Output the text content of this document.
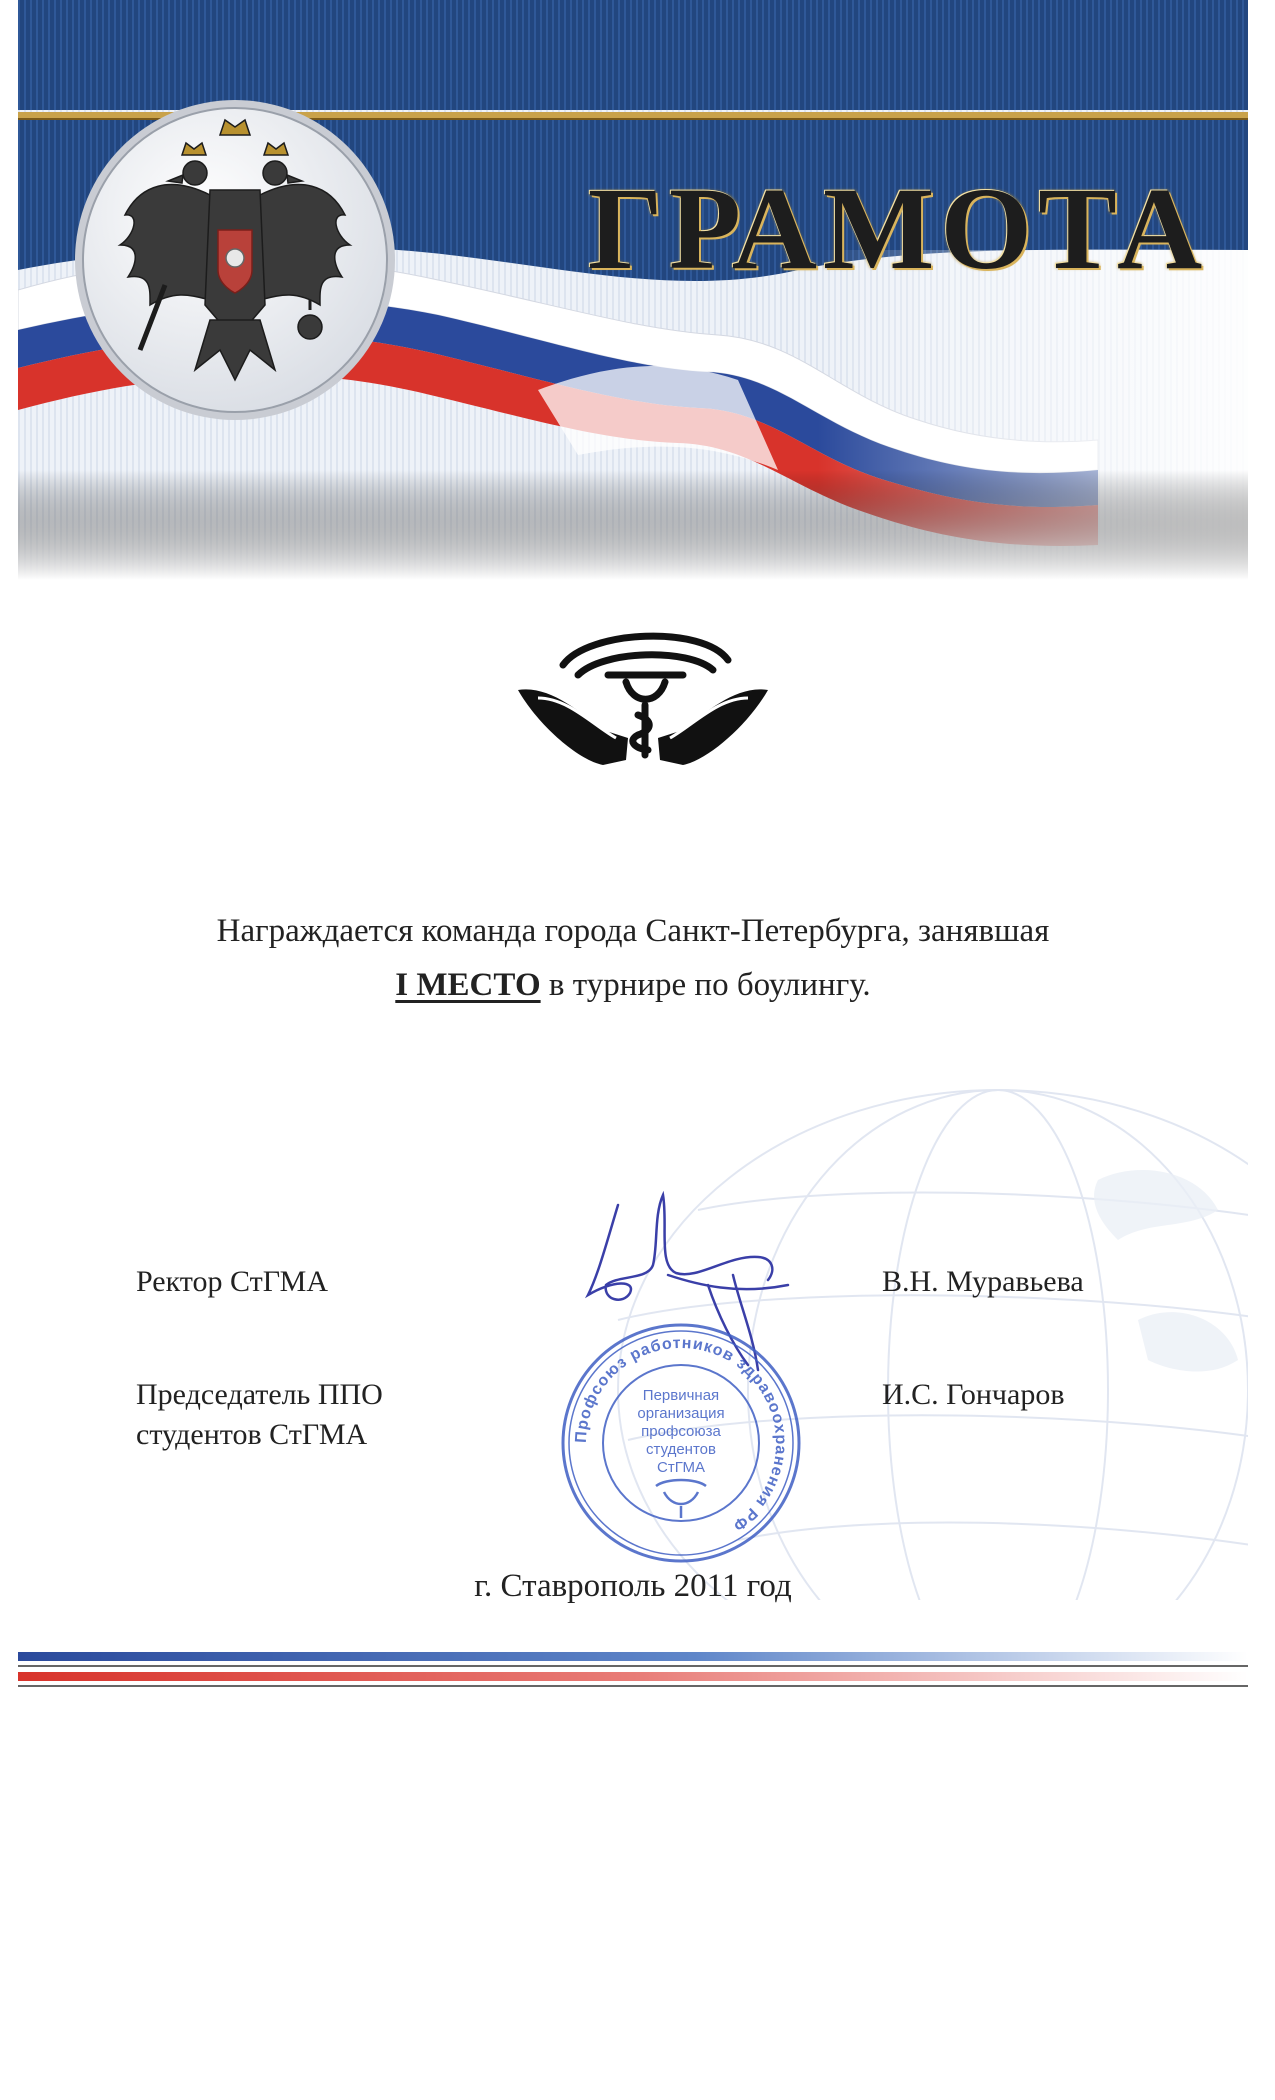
ГРАМОТА
Награждается команда города Санкт-Петербурга, занявшая
I МЕСТО в турнире по боулингу.
Ректор СтГМА	В.Н. Муравьева
Председатель ППО
студентов СтГМА
И.С. Гончаров
Профсоюз работников здравоохранения РФ
Первичная
организация
профсоюза
студентов
СтГМА
г. Ставрополь 2011 год
